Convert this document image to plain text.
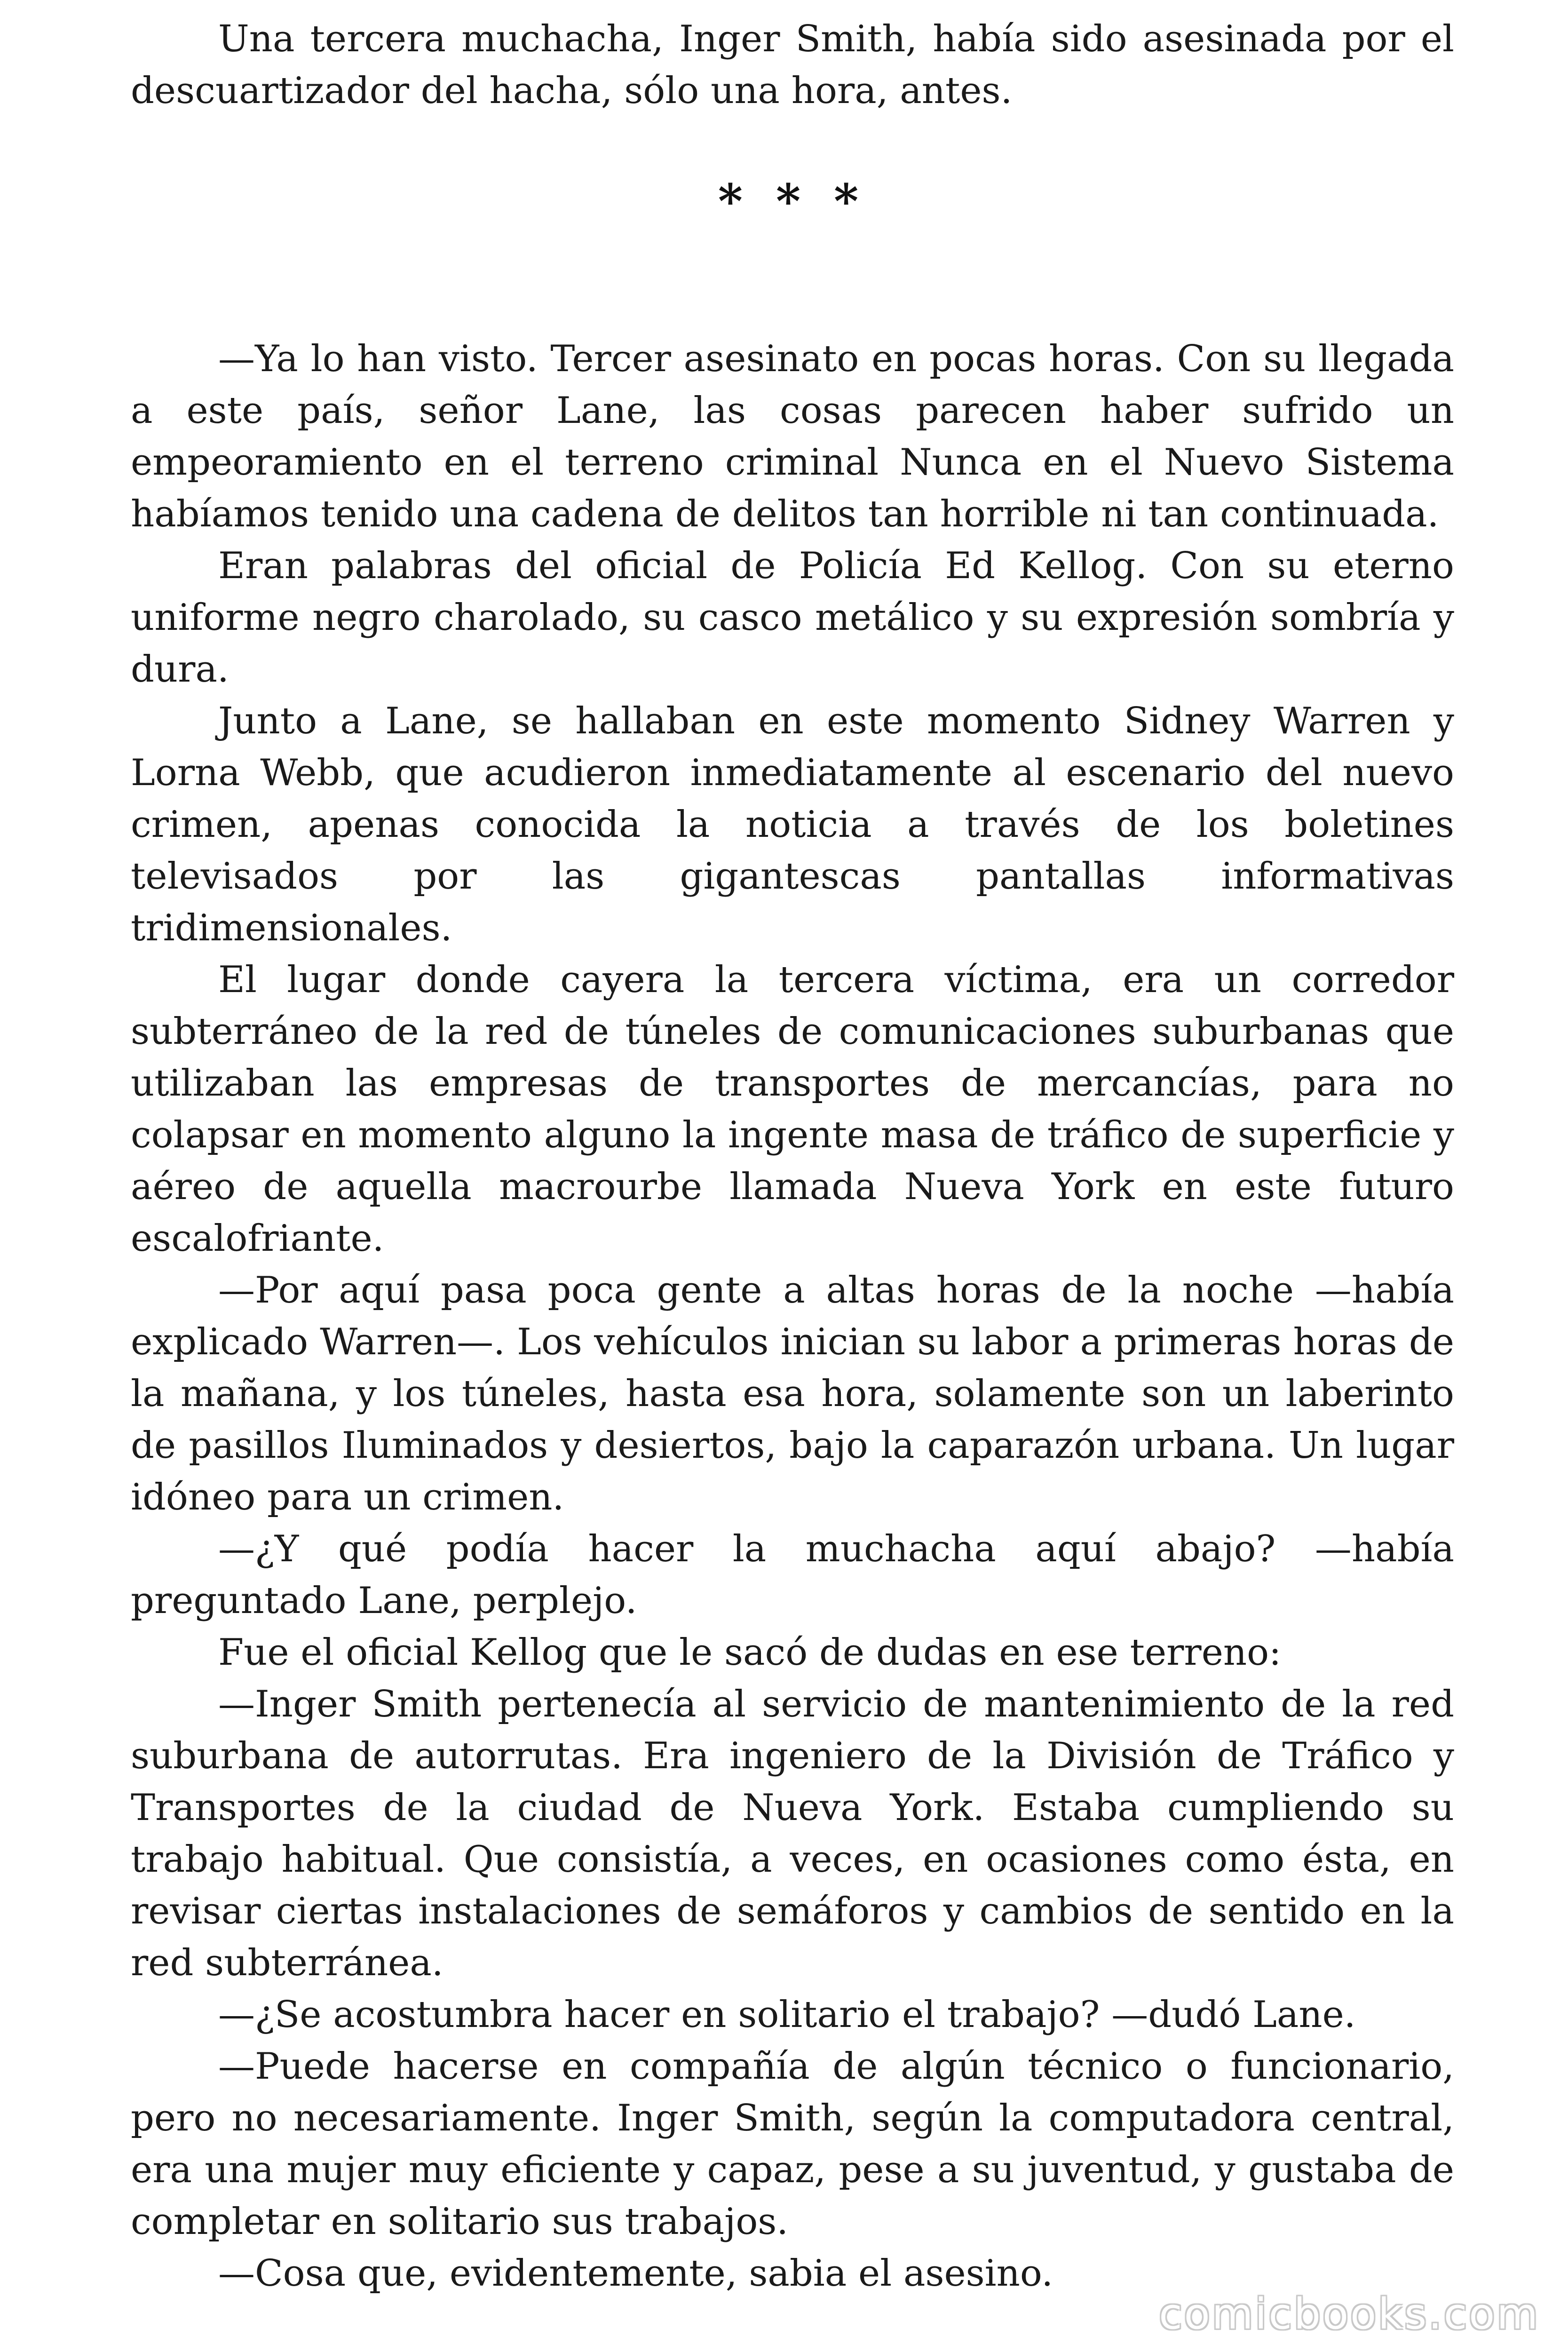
Una tercera muchacha, Inger Smith, había sido asesinada por el descuartizador del hacha, sólo una hora, antes.

* * *

—Ya lo han visto. Tercer asesinato en pocas horas. Con su llegada a este país, señor Lane, las cosas parecen haber sufrido un empeoramiento en el terreno criminal Nunca en el Nuevo Sistema habíamos tenido una cadena de delitos tan horrible ni tan continuada.

Eran palabras del oficial de Policía Ed Kellog. Con su eterno uniforme negro charolado, su casco metálico y su expresión sombría y dura.

Junto a Lane, se hallaban en este momento Sidney Warren y Lorna Webb, que acudieron inmediatamente al escenario del nuevo crimen, apenas conocida la noticia a través de los boletines televisados por las gigantescas pantallas informativas tridimensionales.

El lugar donde cayera la tercera víctima, era un corredor subterráneo de la red de túneles de comunicaciones suburbanas que utilizaban las empresas de transportes de mercancías, para no colapsar en momento alguno la ingente masa de tráfico de superficie y aéreo de aquella macrourbe llamada Nueva York en este futuro escalofriante.

—Por aquí pasa poca gente a altas horas de la noche —había explicado Warren—. Los vehículos inician su labor a primeras horas de la mañana, y los túneles, hasta esa hora, solamente son un laberinto de pasillos Iluminados y desiertos, bajo la caparazón urbana. Un lugar idóneo para un crimen.

—¿Y qué podía hacer la muchacha aquí abajo? —había preguntado Lane, perplejo.

Fue el oficial Kellog que le sacó de dudas en ese terreno:

—Inger Smith pertenecía al servicio de mantenimiento de la red suburbana de autorrutas. Era ingeniero de la División de Tráfico y Transportes de la ciudad de Nueva York. Estaba cumpliendo su trabajo habitual. Que consistía, a veces, en ocasiones como ésta, en revisar ciertas instalaciones de semáforos y cambios de sentido en la red subterránea.

—¿Se acostumbra hacer en solitario el trabajo? —dudó Lane.

—Puede hacerse en compañía de algún técnico o funcionario, pero no necesariamente. Inger Smith, según la computadora central, era una mujer muy eficiente y capaz, pese a su juventud, y gustaba de completar en solitario sus trabajos.

—Cosa que, evidentemente, sabia el asesino.

comicbooks.com
